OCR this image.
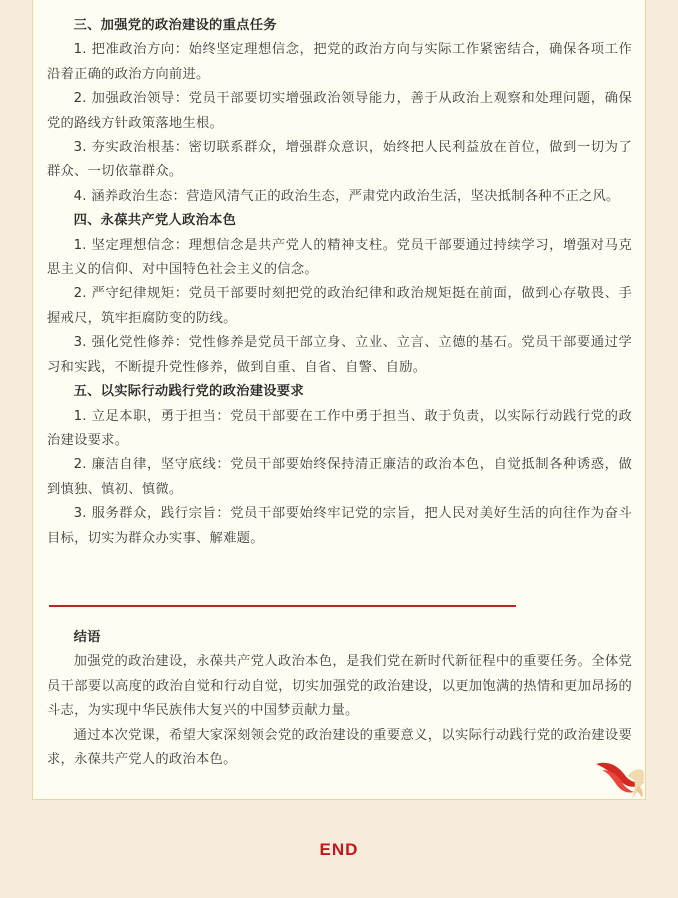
三、加强党的政治建设的重点任务

1. 把准政治方向：始终坚定理想信念，把党的政治方向与实际工作紧密结合，确保各项工作沿着正确的政治方向前进。

2. 加强政治领导：党员干部要切实增强政治领导能力，善于从政治上观察和处理问题，确保党的路线方针政策落地生根。

3. 夯实政治根基：密切联系群众，增强群众意识，始终把人民利益放在首位，做到一切为了群众、一切依靠群众。

4. 涵养政治生态：营造风清气正的政治生态，严肃党内政治生活，坚决抵制各种不正之风。

四、永葆共产党人政治本色

1. 坚定理想信念：理想信念是共产党人的精神支柱。党员干部要通过持续学习，增强对马克思主义的信仰、对中国特色社会主义的信念。

2. 严守纪律规矩：党员干部要时刻把党的政治纪律和政治规矩挺在前面，做到心存敬畏、手握戒尺，筑牢拒腐防变的防线。

3. 强化党性修养：党性修养是党员干部立身、立业、立言、立德的基石。党员干部要通过学习和实践，不断提升党性修养，做到自重、自省、自警、自励。

五、以实际行动践行党的政治建设要求

1. 立足本职，勇于担当：党员干部要在工作中勇于担当、敢于负责，以实际行动践行党的政治建设要求。

2. 廉洁自律，坚守底线：党员干部要始终保持清正廉洁的政治本色，自觉抵制各种诱惑，做到慎独、慎初、慎微。

3. 服务群众，践行宗旨：党员干部要始终牢记党的宗旨，把人民对美好生活的向往作为奋斗目标，切实为群众办实事、解难题。

结语

加强党的政治建设，永葆共产党人政治本色，是我们党在新时代新征程中的重要任务。全体党员干部要以高度的政治自觉和行动自觉，切实加强党的政治建设，以更加饱满的热情和更加昂扬的斗志，为实现中华民族伟大复兴的中国梦贡献力量。

通过本次党课，希望大家深刻领会党的政治建设的重要意义，以实际行动践行党的政治建设要求，永葆共产党人的政治本色。

END
